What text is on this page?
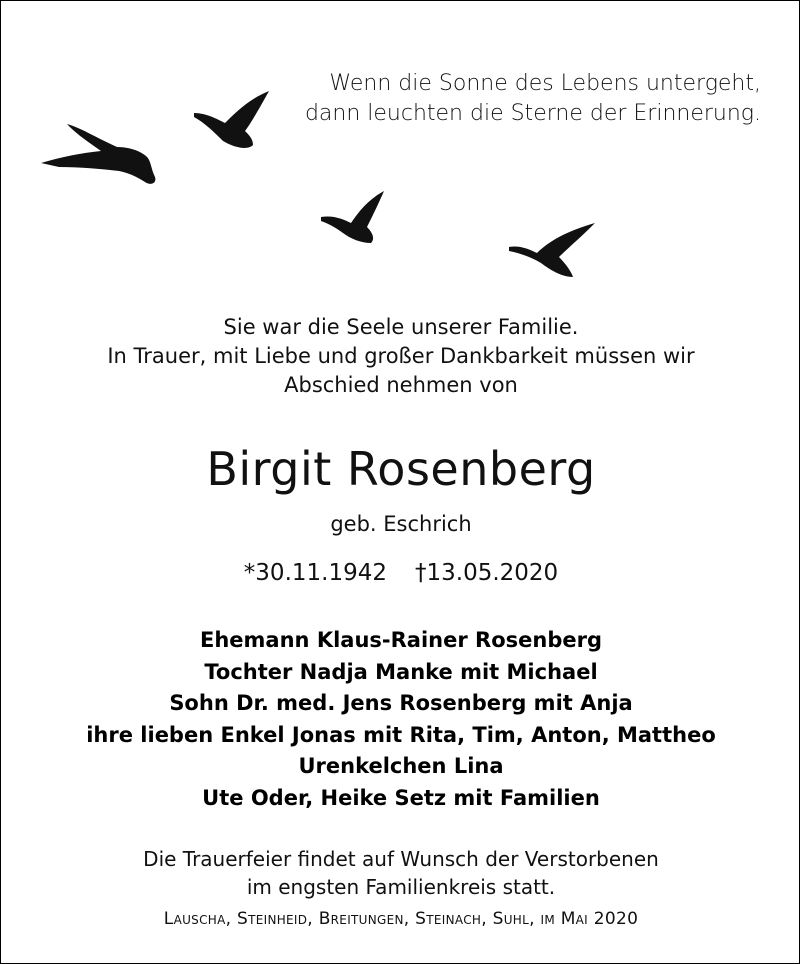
Wenn die Sonne des Lebens untergeht,
dann leuchten die Sterne der Erinnerung.
Sie war die Seele unserer Familie.
In Trauer, mit Liebe und großer Dankbarkeit müssen wir
Abschied nehmen von
Birgit Rosenberg
geb. Eschrich
*30.11.1942 †13.05.2020
Ehemann Klaus-Rainer Rosenberg
Tochter Nadja Manke mit Michael
Sohn Dr. med. Jens Rosenberg mit Anja
ihre lieben Enkel Jonas mit Rita, Tim, Anton, Mattheo
Urenkelchen Lina
Ute Oder, Heike Setz mit Familien
Die Trauerfeier findet auf Wunsch der Verstorbenen
im engsten Familienkreis statt.
Lauscha, Steinheid, Breitungen, Steinach, Suhl, im Mai 2020
